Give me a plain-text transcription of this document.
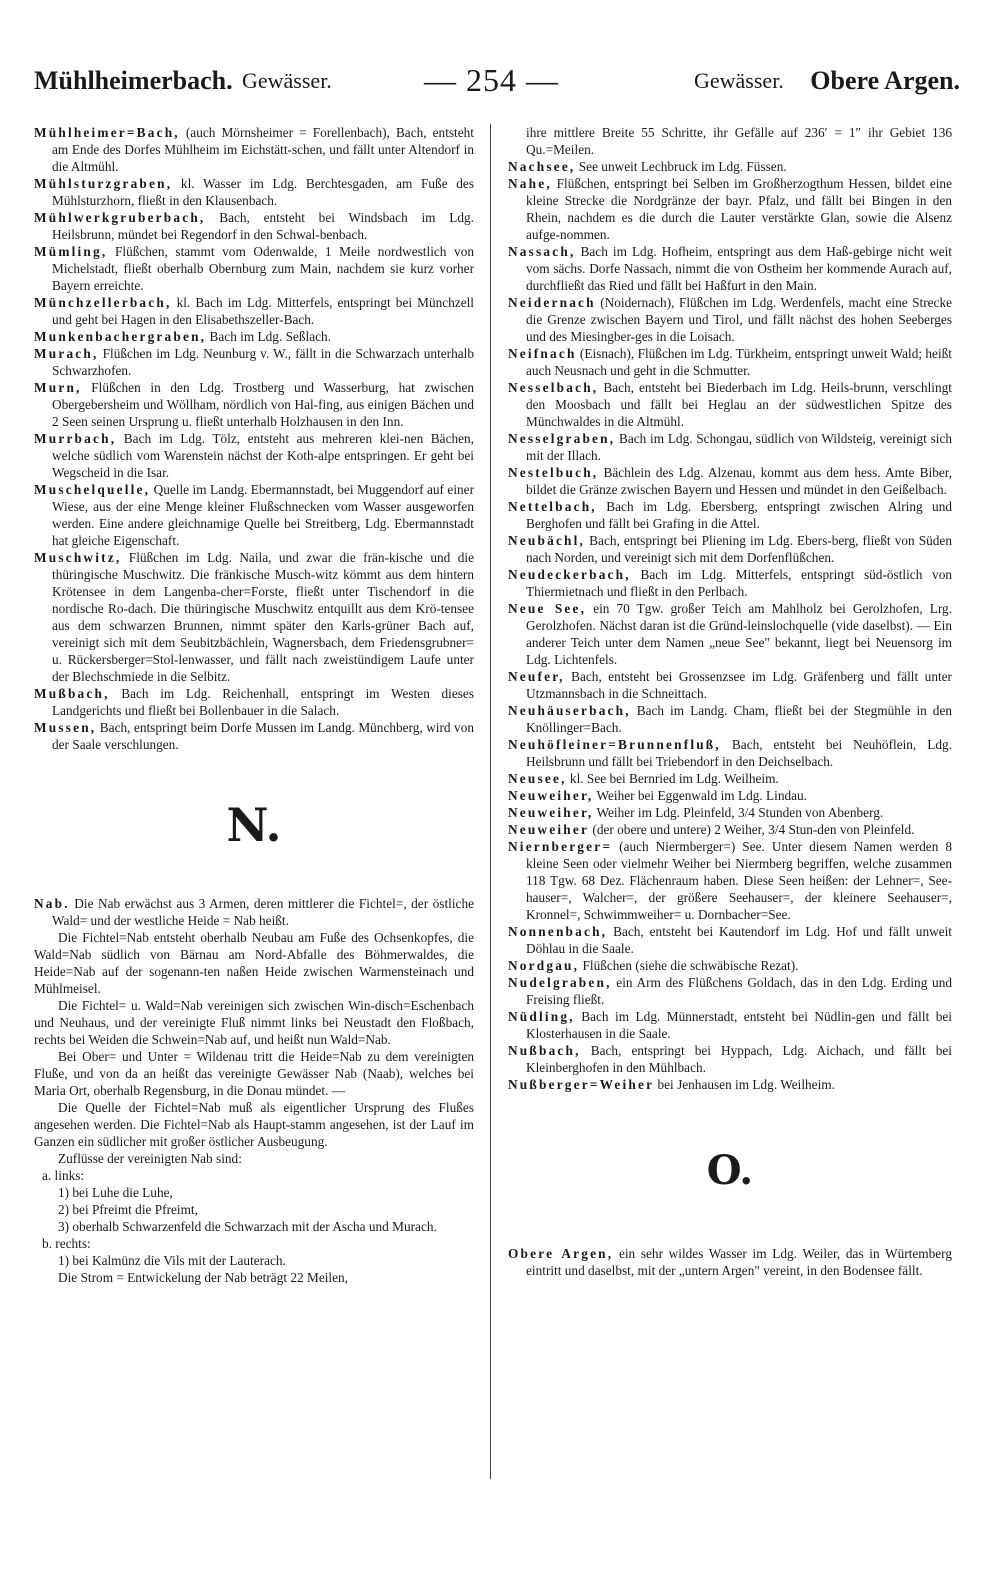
Mühlheimerbach. Gewässer.	— 254 —	Gewässer. Obere Argen.

Mühlheimer=Bach, (auch Mörnsheimer = Forellenbach), Bach, entsteht am Ende des Dorfes Mühlheim im Eichstätt-schen, und fällt unter Altendorf in die Altmühl.

Mühlsturzgraben, kl. Wasser im Ldg. Berchtesgaden, am Fuße des Mühlsturzhorn, fließt in den Klausenbach.

Mühlwerkgruberbach, Bach, entsteht bei Windsbach im Ldg. Heilsbrunn, mündet bei Regendorf in den Schwal-benbach.

Mümling, Flüßchen, stammt vom Odenwalde, 1 Meile nordwestlich von Michelstadt, fließt oberhalb Obernburg zum Main, nachdem sie kurz vorher Bayern erreichte.

Münchzellerbach, kl. Bach im Ldg. Mitterfels, entspringt bei Münchzell und geht bei Hagen in den Elisabethszeller-Bach.

Munkenbachergraben, Bach im Ldg. Seßlach.

Murach, Flüßchen im Ldg. Neunburg v. W., fällt in die Schwarzach unterhalb Schwarzhofen.

Murn, Flüßchen in den Ldg. Trostberg und Wasserburg, hat zwischen Obergebersheim und Wöllham, nördlich von Hal-fing, aus einigen Bächen und 2 Seen seinen Ursprung u. fließt unterhalb Holzhausen in den Inn.

Murrbach, Bach im Ldg. Tölz, entsteht aus mehreren klei-nen Bächen, welche südlich vom Warenstein nächst der Koth-alpe entspringen. Er geht bei Wegscheid in die Isar.

Muschelquelle, Quelle im Landg. Ebermannstadt, bei Muggendorf auf einer Wiese, aus der eine Menge kleiner Flußschnecken vom Wasser ausgeworfen werden. Eine andere gleichnamige Quelle bei Streitberg, Ldg. Ebermannstadt hat gleiche Eigenschaft.

Muschwitz, Flüßchen im Ldg. Naila, und zwar die frän-kische und die thüringische Muschwitz. Die fränkische Musch-witz kömmt aus dem hintern Krötensee in dem Langenba-cher=Forste, fließt unter Tischendorf in die nordische Ro-dach. Die thüringische Muschwitz entquillt aus dem Krö-tensee aus dem schwarzen Brunnen, nimmt später den Karls-grüner Bach auf, vereinigt sich mit dem Seubitzbächlein, Wagnersbach, dem Friedensgrubner= u. Rückersberger=Stol-lenwasser, und fällt nach zweistündigem Laufe unter der Blechschmiede in die Selbitz.

Mußbach, Bach im Ldg. Reichenhall, entspringt im Westen dieses Landgerichts und fließt bei Bollenbauer in die Salach.

Mussen, Bach, entspringt beim Dorfe Mussen im Landg. Münchberg, wird von der Saale verschlungen.

N.

Nab. Die Nab erwächst aus 3 Armen, deren mittlerer die Fichtel=, der östliche Wald= und der westliche Heide = Nab heißt.

Die Fichtel=Nab entsteht oberhalb Neubau am Fuße des Ochsenkopfes, die Wald=Nab südlich von Bärnau am Nord-Abfalle des Böhmerwaldes, die Heide=Nab auf der sogenann-ten naßen Heide zwischen Warmensteinach und Mühlmeisel.

Die Fichtel= u. Wald=Nab vereinigen sich zwischen Win-disch=Eschenbach und Neuhaus, und der vereinigte Fluß nimmt links bei Neustadt den Floßbach, rechts bei Weiden die Schwein=Nab auf, und heißt nun Wald=Nab.

Bei Ober= und Unter = Wildenau tritt die Heide=Nab zu dem vereinigten Fluße, und von da an heißt das vereinigte Gewässer Nab (Naab), welches bei Maria Ort, oberhalb Regensburg, in die Donau mündet. —

Die Quelle der Fichtel=Nab muß als eigentlicher Ursprung des Flußes angesehen werden. Die Fichtel=Nab als Haupt-stamm angesehen, ist der Lauf im Ganzen ein südlicher mit großer östlicher Ausbeugung.

Zuflüsse der vereinigten Nab sind:

a. links:

1) bei Luhe die Luhe,

2) bei Pfreimt die Pfreimt,

3) oberhalb Schwarzenfeld die Schwarzach mit der Ascha und Murach.

b. rechts:

1) bei Kalmünz die Vils mit der Lauterach.

Die Strom = Entwickelung der Nab beträgt 22 Meilen,

ihre mittlere Breite 55 Schritte, ihr Gefälle auf 236′ = 1″ ihr Gebiet 136 Qu.=Meilen.

Nachsee, See unweit Lechbruck im Ldg. Füssen.

Nahe, Flüßchen, entspringt bei Selben im Großherzogthum Hessen, bildet eine kleine Strecke die Nordgränze der bayr. Pfalz, und fällt bei Bingen in den Rhein, nachdem es die durch die Lauter verstärkte Glan, sowie die Alsenz aufge-nommen.

Nassach, Bach im Ldg. Hofheim, entspringt aus dem Haß-gebirge nicht weit vom sächs. Dorfe Nassach, nimmt die von Ostheim her kommende Aurach auf, durchfließt das Ried und fällt bei Haßfurt in den Main.

Neidernach (Noidernach), Flüßchen im Ldg. Werdenfels, macht eine Strecke die Grenze zwischen Bayern und Tirol, und fällt nächst des hohen Seeberges und des Miesingber-ges in die Loisach.

Neifnach (Eisnach), Flüßchen im Ldg. Türkheim, entspringt unweit Wald; heißt auch Neusnach und geht in die Schmutter.

Nesselbach, Bach, entsteht bei Biederbach im Ldg. Heils-brunn, verschlingt den Moosbach und fällt bei Heglau an der südwestlichen Spitze des Münchwaldes in die Altmühl.

Nesselgraben, Bach im Ldg. Schongau, südlich von Wildsteig, vereinigt sich mit der Illach.

Nestelbuch, Bächlein des Ldg. Alzenau, kommt aus dem hess. Amte Biber, bildet die Gränze zwischen Bayern und Hessen und mündet in den Geißelbach.

Nettelbach, Bach im Ldg. Ebersberg, entspringt zwischen Alring und Berghofen und fällt bei Grafing in die Attel.

Neubächl, Bach, entspringt bei Pliening im Ldg. Ebers-berg, fließt von Süden nach Norden, und vereinigt sich mit dem Dorfenflüßchen.

Neudeckerbach, Bach im Ldg. Mitterfels, entspringt süd-östlich von Thiermietnach und fließt in den Perlbach.

Neue See, ein 70 Tgw. großer Teich am Mahlholz bei Gerolzhofen, Lrg. Gerolzhofen. Nächst daran ist die Gründ-leinslochquelle (vide daselbst). — Ein anderer Teich unter dem Namen „neue See" bekannt, liegt bei Neuensorg im Ldg. Lichtenfels.

Neufer, Bach, entsteht bei Grossenzsee im Ldg. Gräfenberg und fällt unter Utzmannsbach in die Schneittach.

Neuhäuserbach, Bach im Landg. Cham, fließt bei der Stegmühle in den Knöllinger=Bach.

Neuhöfleiner=Brunnenfluß, Bach, entsteht bei Neuhöflein, Ldg. Heilsbrunn und fällt bei Triebendorf in den Deichselbach.

Neusee, kl. See bei Bernried im Ldg. Weilheim.

Neuweiher, Weiher bei Eggenwald im Ldg. Lindau.

Neuweiher, Weiher im Ldg. Pleinfeld, 3/4 Stunden von Abenberg.

Neuweiher (der obere und untere) 2 Weiher, 3/4 Stun-den von Pleinfeld.

Niernberger= (auch Niermberger=) See. Unter diesem Namen werden 8 kleine Seen oder vielmehr Weiher bei Niermberg begriffen, welche zusammen 118 Tgw. 68 Dez. Flächenraum haben. Diese Seen heißen: der Lehner=, See-hauser=, Walcher=, der größere Seehauser=, der kleinere Seehauser=, Kronnel=, Schwimmweiher= u. Dornbacher=See.

Nonnenbach, Bach, entsteht bei Kautendorf im Ldg. Hof und fällt unweit Döhlau in die Saale.

Nordgau, Flüßchen (siehe die schwäbische Rezat).

Nudelgraben, ein Arm des Flüßchens Goldach, das in den Ldg. Erding und Freising fließt.

Nüdling, Bach im Ldg. Münnerstadt, entsteht bei Nüdlin-gen und fällt bei Klosterhausen in die Saale.

Nußbach, Bach, entspringt bei Hyppach, Ldg. Aichach, und fällt bei Kleinberghofen in den Mühlbach.

Nußberger=Weiher bei Jenhausen im Ldg. Weilheim.

O.

Obere Argen, ein sehr wildes Wasser im Ldg. Weiler, das in Würtemberg eintritt und daselbst, mit der „untern Argen" vereint, in den Bodensee fällt.
